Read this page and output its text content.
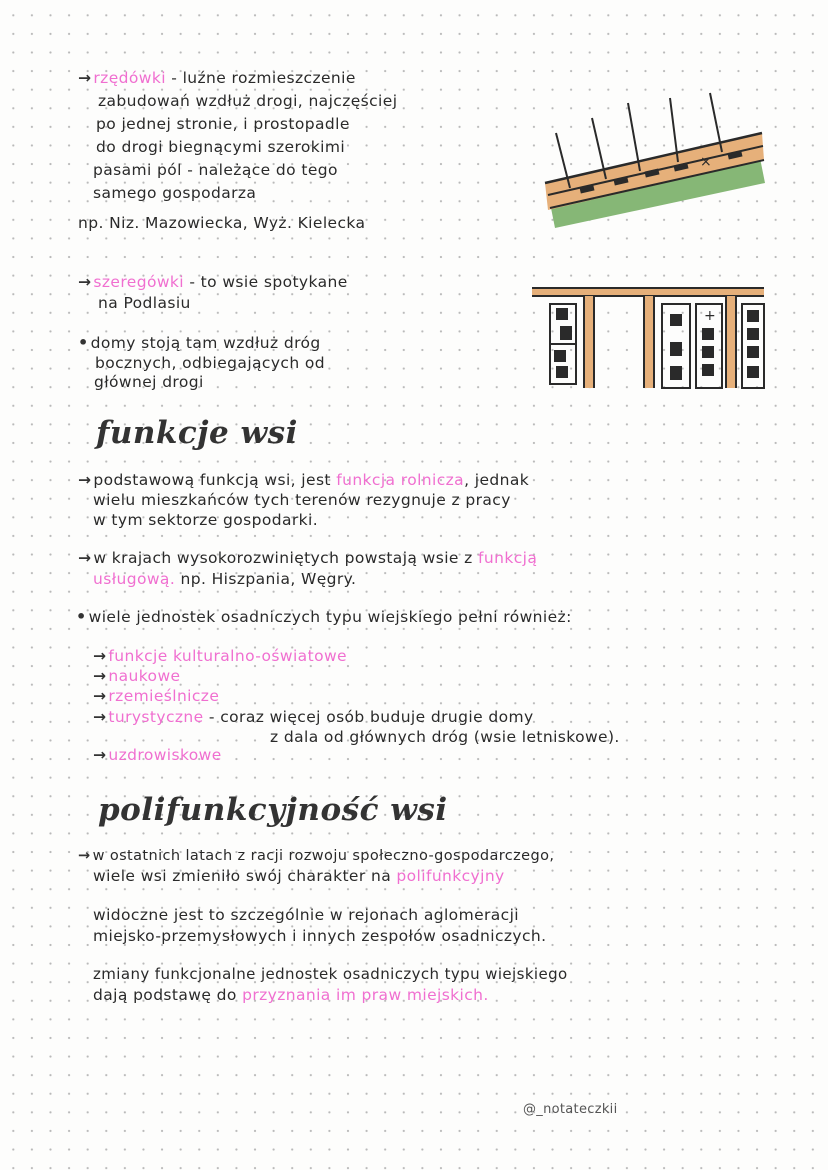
→ rzędówki - luźne rozmieszczenie
zabudowań wzdłuż drogi, najczęściej
po jednej stronie, i prostopadle
do drogi biegnącymi szerokimi
pasami pól - należące do tego
samego gospodarza
np. Niz. Mazowiecka, Wyż. Kielecka
×
→ szeregówki - to wsie spotykane
na Podlasiu
• domy stoją tam wzdłuż dróg
bocznych, odbiegających od
głównej drogi
+
funkcje wsi
→ podstawową funkcją wsi, jest funkcja rolnicza, jednak
wielu mieszkańców tych terenów rezygnuje z pracy
w tym sektorze gospodarki.
→ w krajach wysokorozwiniętych powstają wsie z funkcją
usługową. np. Hiszpania, Węgry.
• wiele jednostek osadniczych typu wiejskiego pełni również:
→ funkcje kulturalno-oświatowe
→ naukowe
→ rzemieślnicze
→ turystyczne - coraz więcej osób buduje drugie domy
z dala od głównych dróg (wsie letniskowe).
→ uzdrowiskowe
polifunkcyjność wsi
→ w ostatnich latach z racji rozwoju społeczno-gospodarczego,
wiele wsi zmieniło swój charakter na polifunkcyjny
widoczne jest to szczególnie w rejonach aglomeracji
miejsko-przemysłowych i innych zespołów osadniczych.
zmiany funkcjonalne jednostek osadniczych typu wiejskiego
dają podstawę do przyznania im praw miejskich.
@_notateczkii
